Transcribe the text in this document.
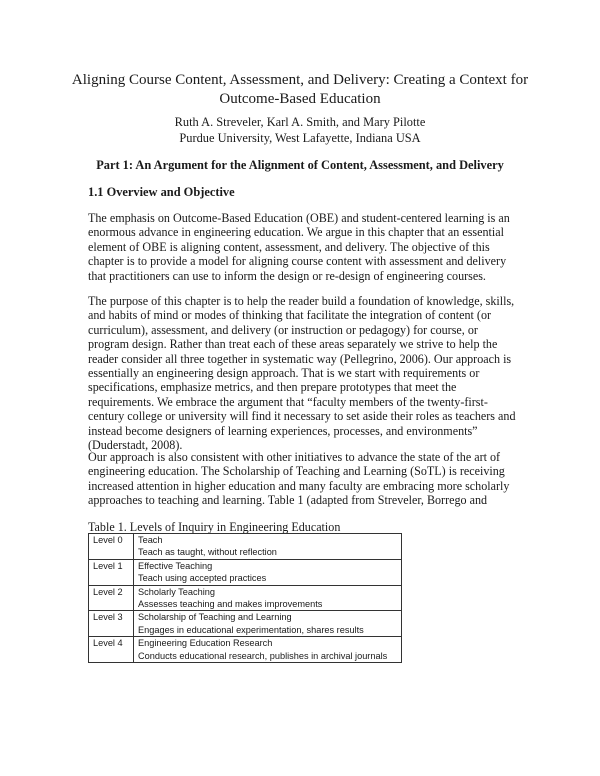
Aligning Course Content, Assessment, and Delivery: Creating a Context for Outcome-Based Education
Ruth A. Streveler, Karl A. Smith, and Mary Pilotte
Purdue University, West Lafayette, Indiana USA
Part 1: An Argument for the Alignment of Content, Assessment, and Delivery
1.1 Overview and Objective

The emphasis on Outcome-Based Education (OBE) and student-centered learning is an enormous advance in engineering education. We argue in this chapter that an essential element of OBE is aligning content, assessment, and delivery. The objective of this chapter is to provide a model for aligning course content with assessment and delivery that practitioners can use to inform the design or re-design of engineering courses.

The purpose of this chapter is to help the reader build a foundation of knowledge, skills, and habits of mind or modes of thinking that facilitate the integration of content (or curriculum), assessment, and delivery (or instruction or pedagogy) for course, or program design. Rather than treat each of these areas separately we strive to help the reader consider all three together in systematic way (Pellegrino, 2006). Our approach is essentially an engineering design approach. That is we start with requirements or specifications, emphasize metrics, and then prepare prototypes that meet the requirements. We embrace the argument that “faculty members of the twenty-first-century college or university will find it necessary to set aside their roles as teachers and instead become designers of learning experiences, processes, and environments” (Duderstadt, 2008).

Our approach is also consistent with other initiatives to advance the state of the art of engineering education. The Scholarship of Teaching and Learning (SoTL) is receiving increased attention in higher education and many faculty are embracing more scholarly approaches to teaching and learning. Table 1 (adapted from Streveler, Borrego and

Table 1. Levels of Inquiry in Engineering Education
Level 0	Teach
Teach as taught, without reflection

Level 1	Effective Teaching
Teach using accepted practices

Level 2	Scholarly Teaching
Assesses teaching and makes improvements

Level 3	Scholarship of Teaching and Learning
Engages in educational experimentation, shares results

Level 4	Engineering Education Research
Conducts educational research, publishes in archival journals
